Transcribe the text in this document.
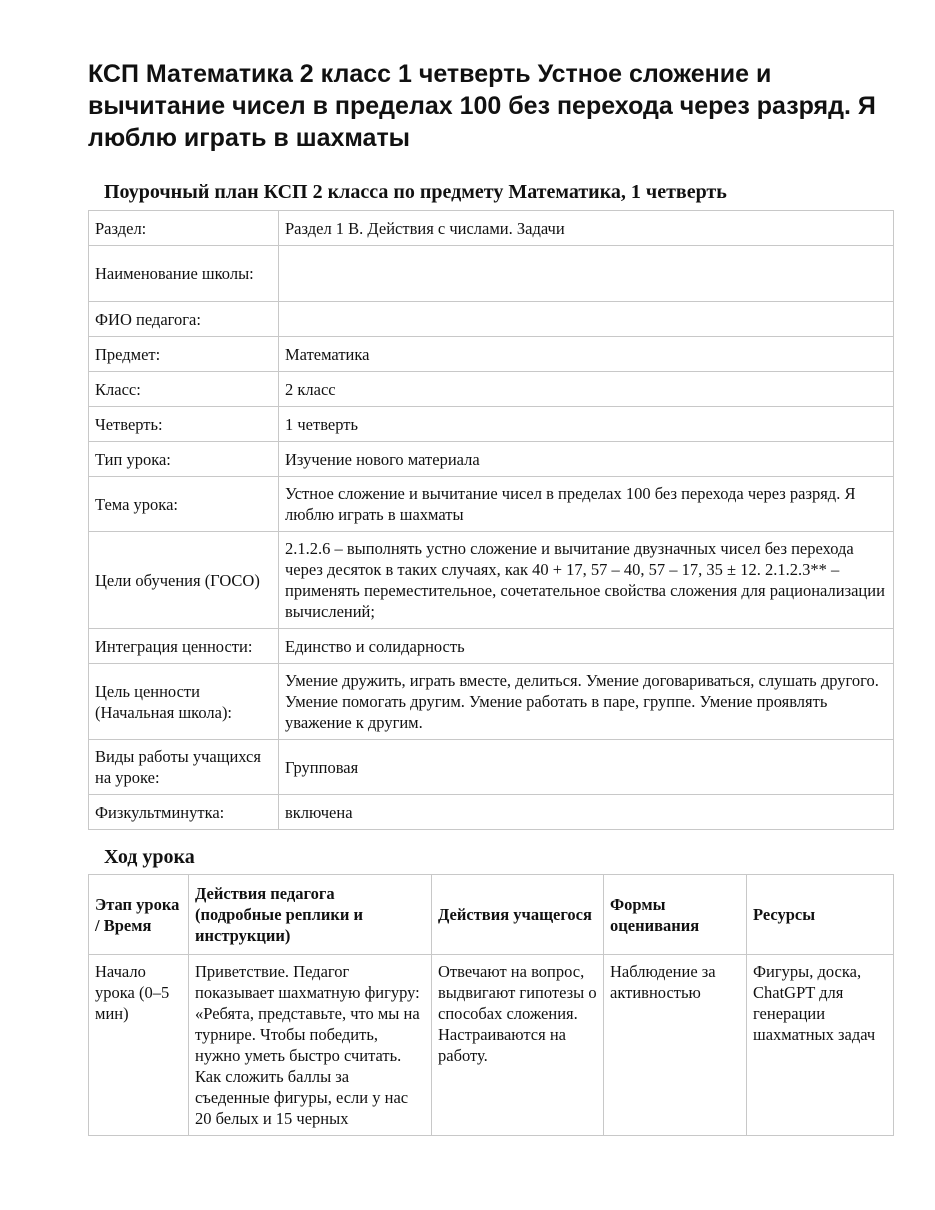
КСП Математика 2 класс 1 четверть Устное сложение и вычитание чисел в пределах 100 без перехода через разряд. Я люблю играть в шахматы
Поурочный план КСП 2 класса по предмету Математика, 1 четверть
Раздел:	Раздел 1 В. Действия с числами. Задачи
Наименование школы:	
ФИО педагога:	
Предмет:	Математика
Класс:	2 класс
Четверть:	1 четверть
Тип урока:	Изучение нового материала
Тема урока:	Устное сложение и вычитание чисел в пределах 100 без перехода через разряд. Я люблю играть в шахматы
Цели обучения (ГОСО)	2.1.2.6 – выполнять устно сложение и вычитание двузначных чисел без перехода через десяток в таких случаях, как 40 + 17, 57 – 40, 57 – 17, 35 ± 12. 2.1.2.3** – применять переместительное, сочетательное свойства сложения для рационализации вычислений;
Интеграция ценности:	Единство и солидарность
Цель ценности (Начальная школа):	Умение дружить, играть вместе, делиться. Умение договариваться, слушать другого. Умение помогать другим. Умение работать в паре, группе. Умение проявлять уважение к другим.
Виды работы учащихся на уроке:	Групповая
Физкультминутка:	включена
Ход урока
Этап урока / Время	Действия педагога (подробные реплики и инструкции)	Действия учащегося	Формы оценивания	Ресурсы
Начало урока (0–5 мин)	Приветствие. Педагог показывает шахматную фигуру: «Ребята, представьте, что мы на турнире. Чтобы победить, нужно уметь быстро считать. Как сложить баллы за съеденные фигуры, если у нас 20 белых и 15 черных	Отвечают на вопрос, выдвигают гипотезы о способах сложения. Настраиваются на работу.	Наблюдение за активностью	Фигуры, доска, ChatGPT для генерации шахматных задач
